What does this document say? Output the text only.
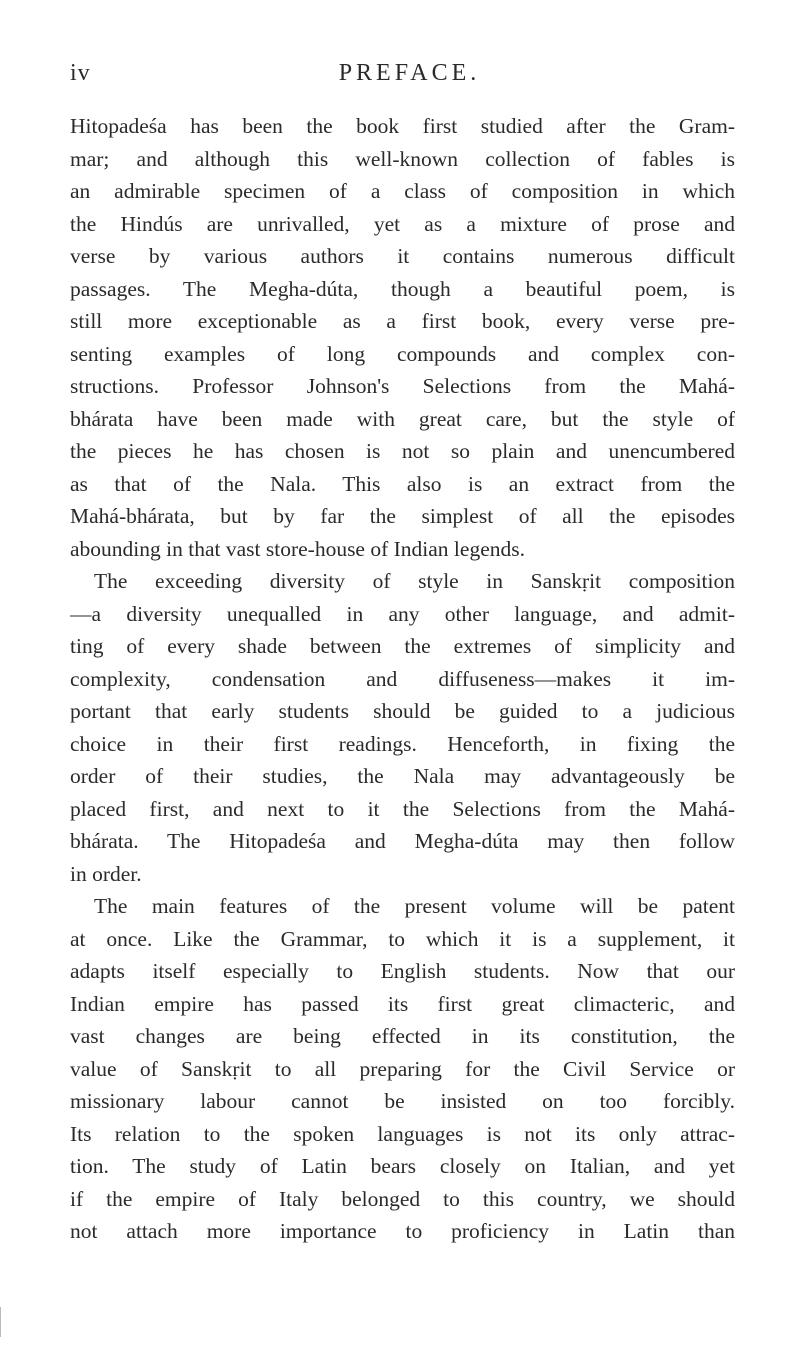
iv	PREFACE.
Hitopadeśa has been the book first studied after the Gram-
mar; and although this well-known collection of fables is
an admirable specimen of a class of composition in which
the Hindús are unrivalled, yet as a mixture of prose and
verse by various authors it contains numerous difficult
passages. The Megha-dúta, though a beautiful poem, is
still more exceptionable as a first book, every verse pre-
senting examples of long compounds and complex con-
structions. Professor Johnson's Selections from the Mahá-
bhárata have been made with great care, but the style of
the pieces he has chosen is not so plain and unencumbered
as that of the Nala. This also is an extract from the
Mahá-bhárata, but by far the simplest of all the episodes
abounding in that vast store-house of Indian legends.
The exceeding diversity of style in Sanskṛit composition
—a diversity unequalled in any other language, and admit-
ting of every shade between the extremes of simplicity and
complexity, condensation and diffuseness—makes it im-
portant that early students should be guided to a judicious
choice in their first readings. Henceforth, in fixing the
order of their studies, the Nala may advantageously be
placed first, and next to it the Selections from the Mahá-
bhárata. The Hitopadeśa and Megha-dúta may then follow
in order.
The main features of the present volume will be patent
at once. Like the Grammar, to which it is a supplement, it
adapts itself especially to English students. Now that our
Indian empire has passed its first great climacteric, and
vast changes are being effected in its constitution, the
value of Sanskṛit to all preparing for the Civil Service or
missionary labour cannot be insisted on too forcibly.
Its relation to the spoken languages is not its only attrac-
tion. The study of Latin bears closely on Italian, and yet
if the empire of Italy belonged to this country, we should
not attach more importance to proficiency in Latin than
